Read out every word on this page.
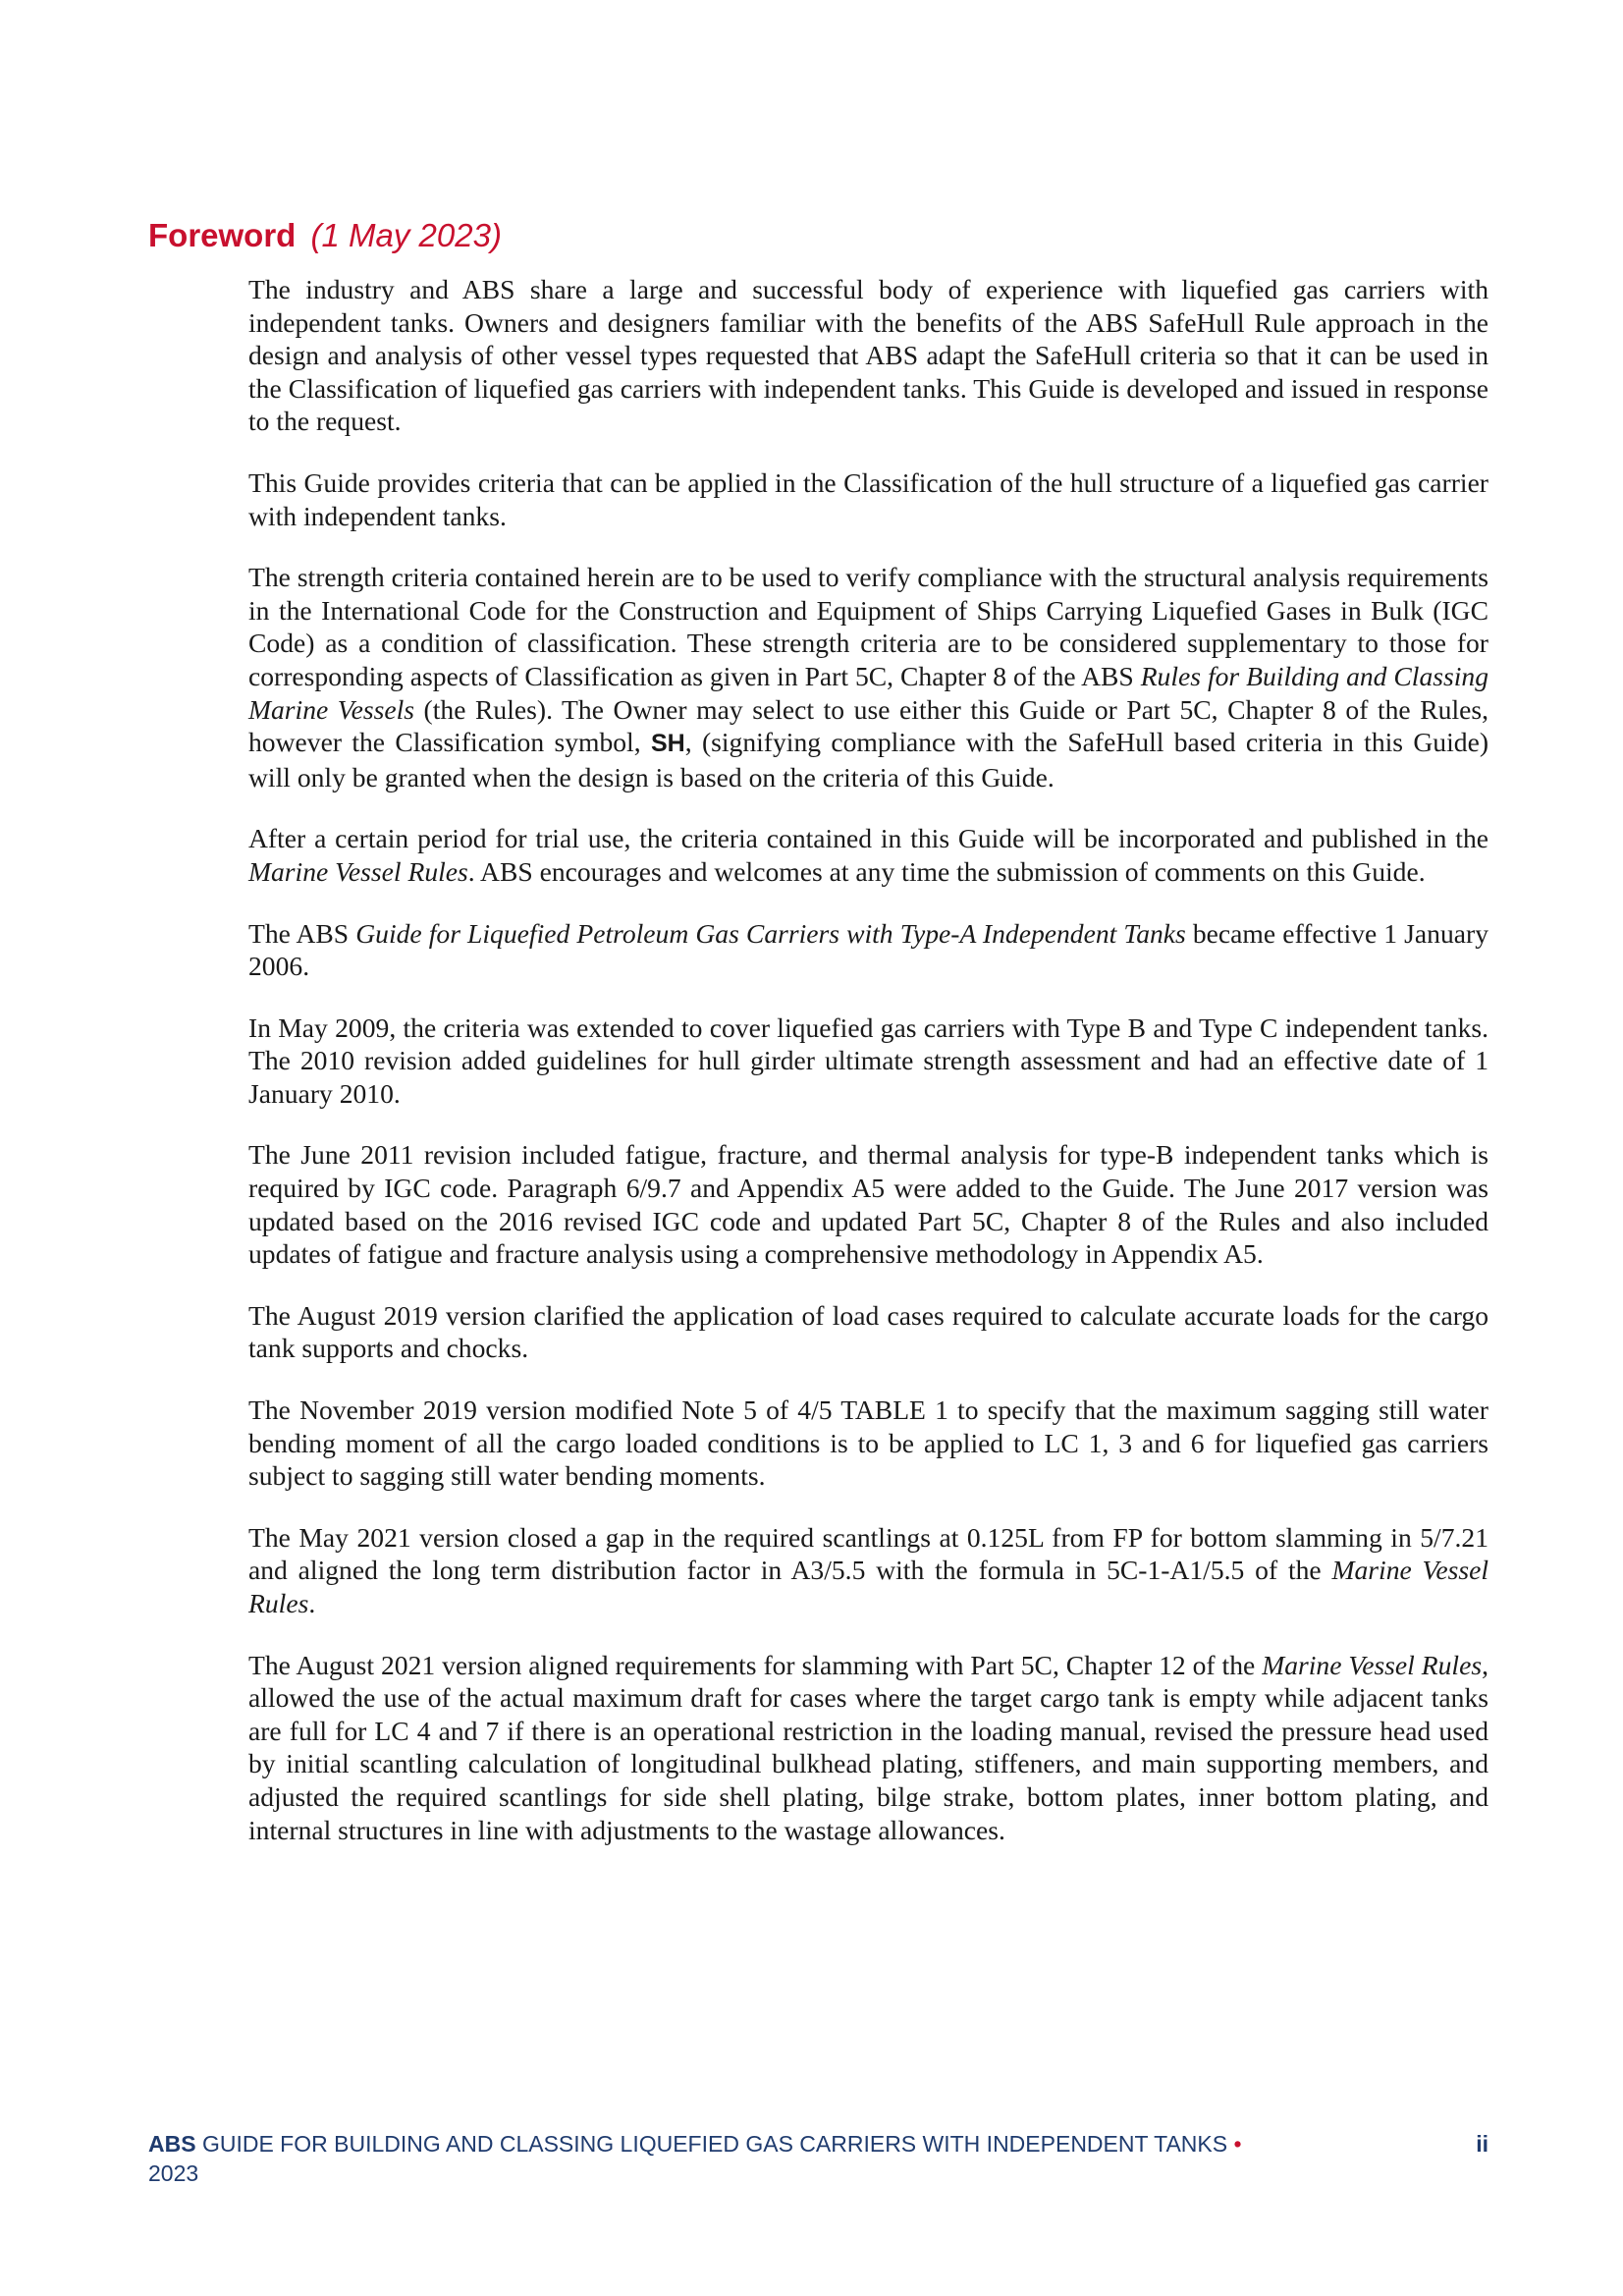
Foreword (1 May 2023)

The industry and ABS share a large and successful body of experience with liquefied gas carriers with independent tanks. Owners and designers familiar with the benefits of the ABS SafeHull Rule approach in the design and analysis of other vessel types requested that ABS adapt the SafeHull criteria so that it can be used in the Classification of liquefied gas carriers with independent tanks. This Guide is developed and issued in response to the request.

This Guide provides criteria that can be applied in the Classification of the hull structure of a liquefied gas carrier with independent tanks.

The strength criteria contained herein are to be used to verify compliance with the structural analysis requirements in the International Code for the Construction and Equipment of Ships Carrying Liquefied Gases in Bulk (IGC Code) as a condition of classification. These strength criteria are to be considered supplementary to those for corresponding aspects of Classification as given in Part 5C, Chapter 8 of the ABS Rules for Building and Classing Marine Vessels (the Rules). The Owner may select to use either this Guide or Part 5C, Chapter 8 of the Rules, however the Classification symbol, SH, (signifying compliance with the SafeHull based criteria in this Guide) will only be granted when the design is based on the criteria of this Guide.

After a certain period for trial use, the criteria contained in this Guide will be incorporated and published in the Marine Vessel Rules. ABS encourages and welcomes at any time the submission of comments on this Guide.

The ABS Guide for Liquefied Petroleum Gas Carriers with Type-A Independent Tanks became effective 1 January 2006.

In May 2009, the criteria was extended to cover liquefied gas carriers with Type B and Type C independent tanks. The 2010 revision added guidelines for hull girder ultimate strength assessment and had an effective date of 1 January 2010.

The June 2011 revision included fatigue, fracture, and thermal analysis for type-B independent tanks which is required by IGC code. Paragraph 6/9.7 and Appendix A5 were added to the Guide. The June 2017 version was updated based on the 2016 revised IGC code and updated Part 5C, Chapter 8 of the Rules and also included updates of fatigue and fracture analysis using a comprehensive methodology in Appendix A5.

The August 2019 version clarified the application of load cases required to calculate accurate loads for the cargo tank supports and chocks.

The November 2019 version modified Note 5 of 4/5 TABLE 1 to specify that the maximum sagging still water bending moment of all the cargo loaded conditions is to be applied to LC 1, 3 and 6 for liquefied gas carriers subject to sagging still water bending moments.

The May 2021 version closed a gap in the required scantlings at 0.125L from FP for bottom slamming in 5/7.21 and aligned the long term distribution factor in A3/5.5 with the formula in 5C-1-A1/5.5 of the Marine Vessel Rules.

The August 2021 version aligned requirements for slamming with Part 5C, Chapter 12 of the Marine Vessel Rules, allowed the use of the actual maximum draft for cases where the target cargo tank is empty while adjacent tanks are full for LC 4 and 7 if there is an operational restriction in the loading manual, revised the pressure head used by initial scantling calculation of longitudinal bulkhead plating, stiffeners, and main supporting members, and adjusted the required scantlings for side shell plating, bilge strake, bottom plates, inner bottom plating, and internal structures in line with adjustments to the wastage allowances.

ABS GUIDE FOR BUILDING AND CLASSING LIQUEFIED GAS CARRIERS WITH INDEPENDENT TANKS •
2023
ii
